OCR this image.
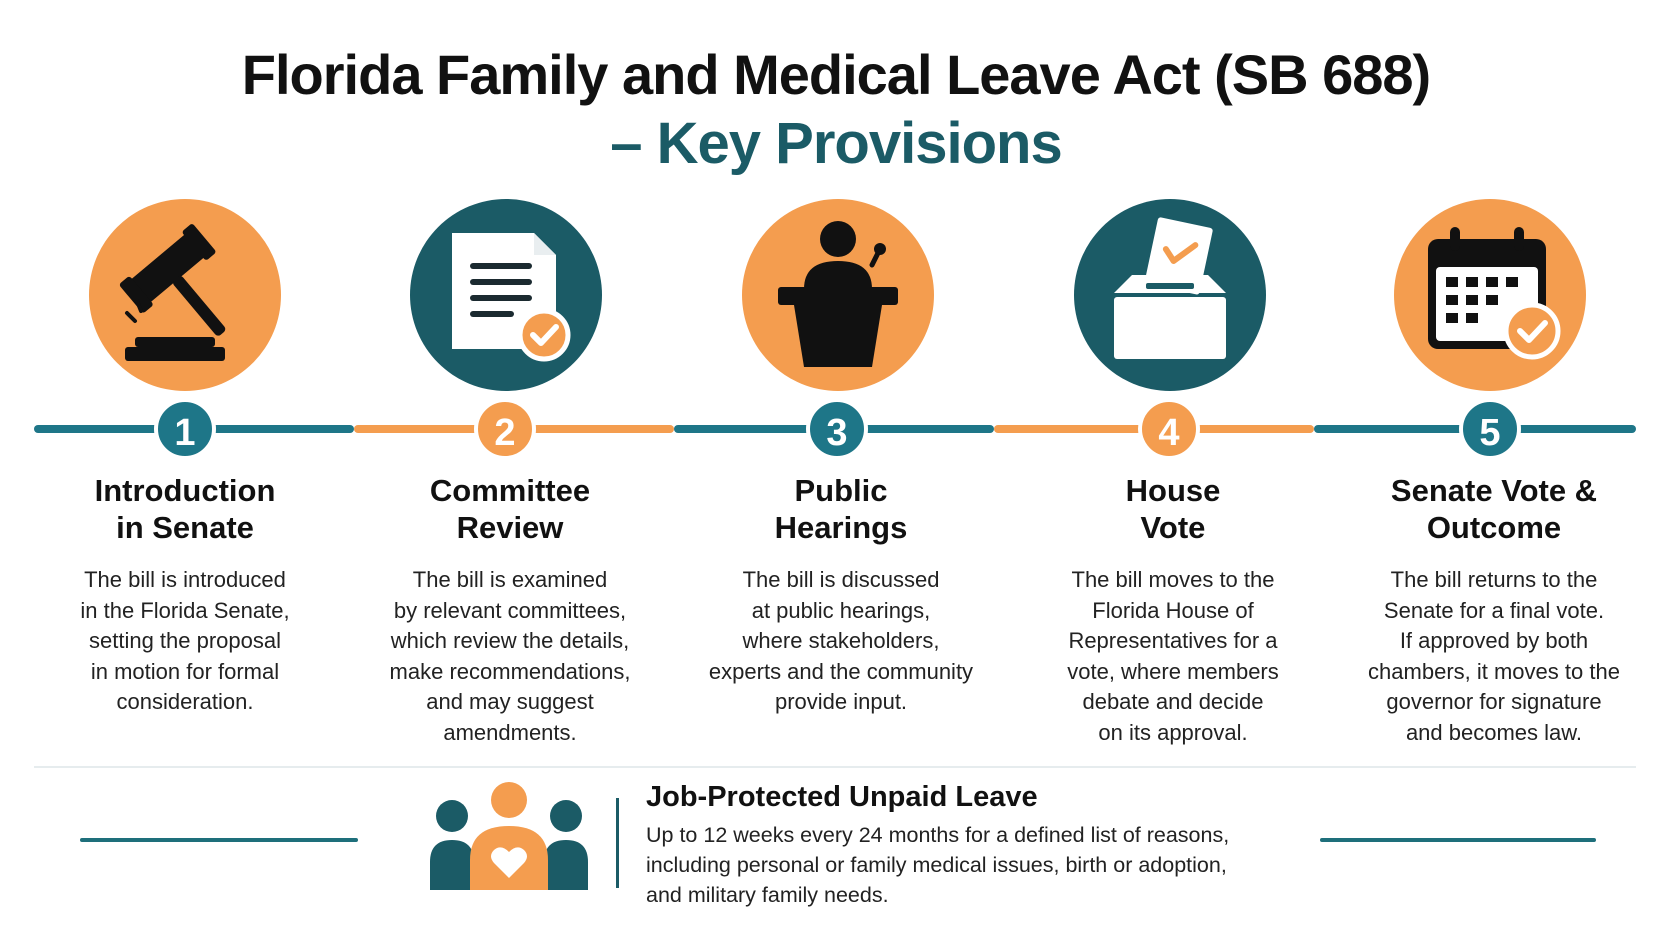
Florida Family and Medical Leave Act (SB 688)
– Key Provisions
1
Introduction
in Senate
The bill is introduced
in the Florida Senate,
setting the proposal
in motion for formal
consideration.
2
Committee
Review
The bill is examined
by relevant committees,
which review the details,
make recommendations,
and may suggest
amendments.
3
Public
Hearings
The bill is discussed
at public hearings,
where stakeholders,
experts and the community
provide input.
4
House
Vote
The bill moves to the
Florida House of
Representatives for a
vote, where members
debate and decide
on its approval.
5
Senate Vote &
Outcome
The bill returns to the
Senate for a final vote.
If approved by both
chambers, it moves to the
governor for signature
and becomes law.
Job-Protected Unpaid Leave
Up to 12 weeks every 24 months for a defined list of reasons,
including personal or family medical issues, birth or adoption,
and military family needs.
